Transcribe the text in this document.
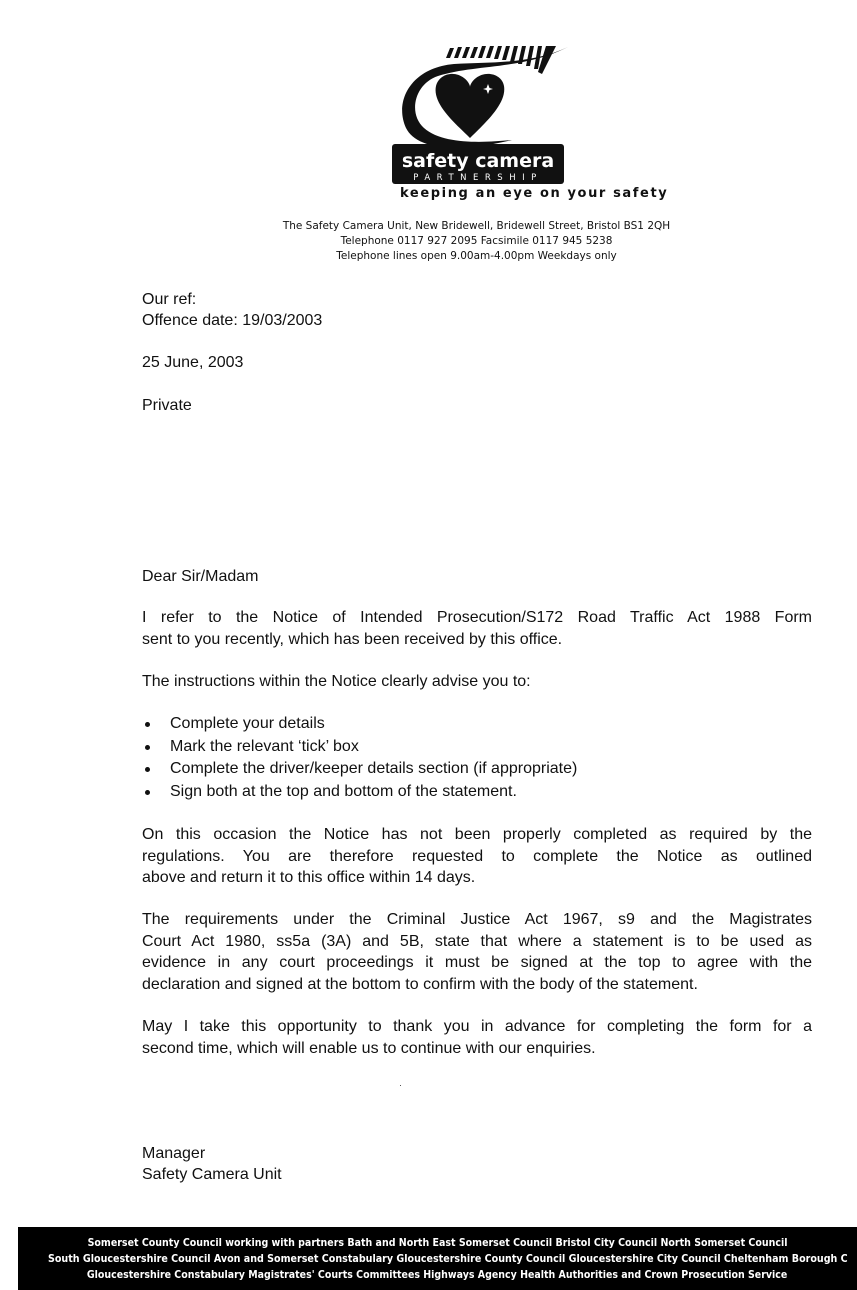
safety camera
PARTNERSHIP
keeping an eye on your safety
The Safety Camera Unit, New Bridewell, Bridewell Street, Bristol BS1 2QH
Telephone 0117 927 2095 Facsimile 0117 945 5238
Telephone lines open 9.00am-4.00pm Weekdays only
Our ref:
Offence date: 19/03/2003
25 June, 2003
Private
Dear Sir/Madam
I refer to the Notice of Intended Prosecution/S172 Road Traffic Act 1988 Form
sent to you recently, which has been received by this office.
The instructions within the Notice clearly advise you to:
Complete your details
Mark the relevant ‘tick’ box
Complete the driver/keeper details section (if appropriate)
Sign both at the top and bottom of the statement.
On this occasion the Notice has not been properly completed as required by the
regulations. You are therefore requested to complete the Notice as outlined
above and return it to this office within 14 days.
The requirements under the Criminal Justice Act 1967, s9 and the Magistrates
Court Act 1980, ss5a (3A) and 5B, state that where a statement is to be used as
evidence in any court proceedings it must be signed at the top to agree with the
declaration and signed at the bottom to confirm with the body of the statement.
May I take this opportunity to thank you in advance for completing the form for a
second time, which will enable us to continue with our enquiries.
Manager
Safety Camera Unit
Somerset County Council working with partners Bath and North East Somerset Council Bristol City Council North Somerset Council
South Gloucestershire Council Avon and Somerset Constabulary Gloucestershire County Council Gloucestershire City Council Cheltenham Borough C
Gloucestershire Constabulary Magistrates' Courts Committees Highways Agency Health Authorities and Crown Prosecution Service
